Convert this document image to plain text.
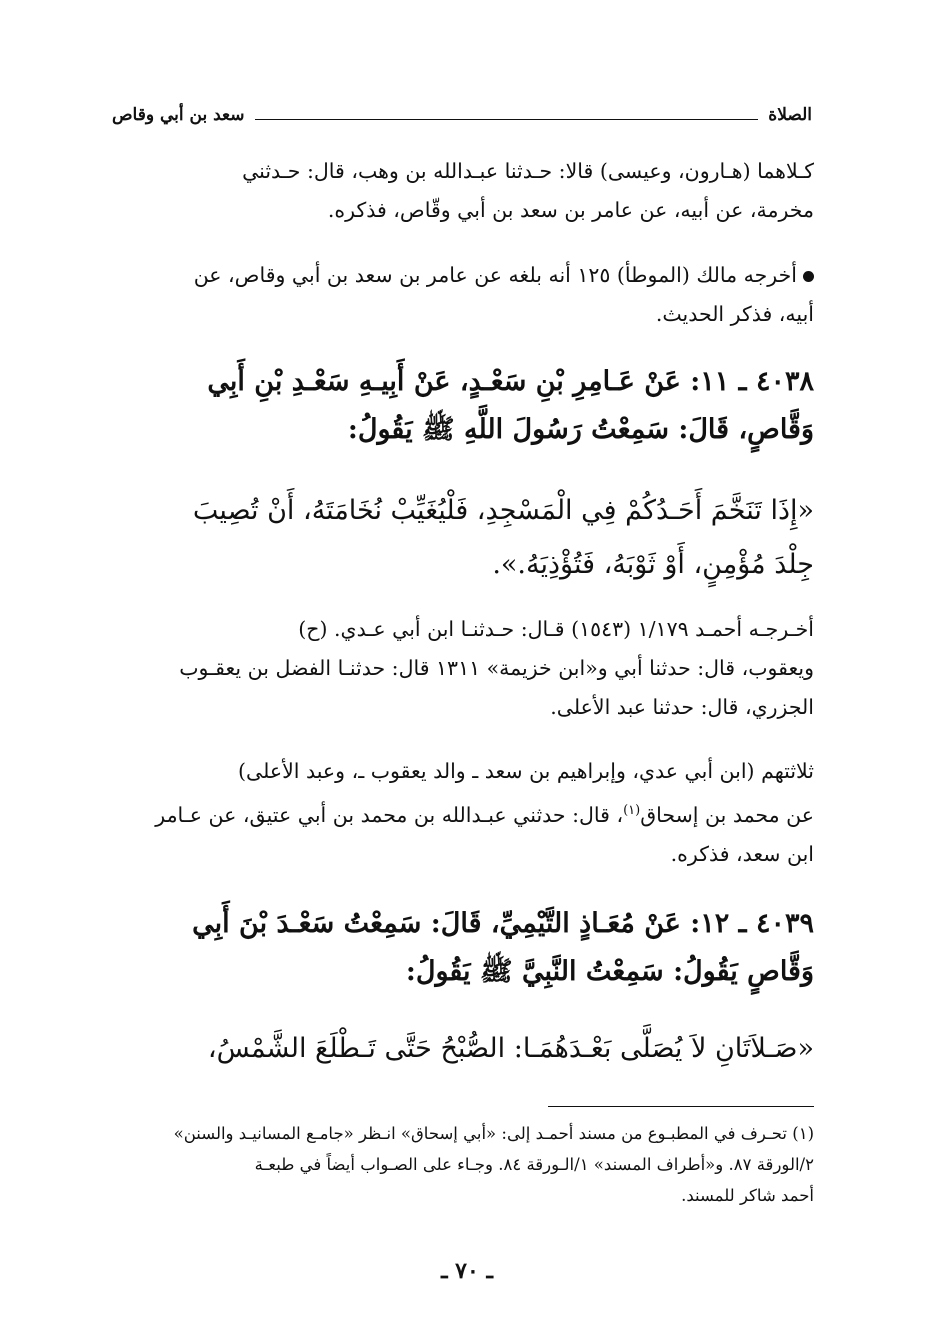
الصلاة
سعد بن أبي وقاص
كـلاهما (هـارون، وعيسى) قالا: حـدثنا عبـدالله بن وهب، قال: حـدثني
مخرمة، عن أبيه، عن عامر بن سعد بن أبي وقّاص، فذكره.
أخرجه مالك (الموطأ) ١٢٥ أنه بلغه عن عامر بن سعد بن أبي وقاص، عن
أبيه، فذكر الحديث.
٤٠٣٨ ـ ١١: عَنْ عَـامِرِ بْنِ سَعْـدٍ، عَنْ أَبِيـهِ سَعْـدِ بْنِ أَبِي
وَقَّاصٍ، قَالَ: سَمِعْتُ رَسُولَ اللَّهِ ﷺ يَقُولُ:
«إِذَا تَنَخَّمَ أَحَـدُكُمْ فِي الْمَسْجِدِ، فَلْيُغَيِّبْ نُخَامَتَهُ، أَنْ تُصِيبَ
جِلْدَ مُؤْمِنٍ، أَوْ ثَوْبَهُ، فَتُؤْذِيَهُ.».
أخـرجـه أحمـد ١/١٧٩ (١٥٤٣) قـال: حـدثنـا ابن أبي عـدي. (ح)
ويعقوب، قال: حدثنا أبي و«ابن خزيمة» ١٣١١ قال: حدثنـا الفضل بن يعقـوب
الجزري، قال: حدثنا عبد الأعلى.
ثلاثتهم (ابن أبي عدي، وإبراهيم بن سعد ـ والد يعقوب ـ، وعبد الأعلى)
عن محمد بن إسحاق$^{(١)}$، قال: حدثني عبـدالله بن محمد بن أبي عتيق، عن عـامر
ابن سعد، فذكره.
٤٠٣٩ ـ ١٢: عَنْ مُعَـاذٍ التَّيْمِيِّ، قَالَ: سَمِعْتُ سَعْـدَ بْنَ أَبِي
وَقَّاصٍ يَقُولُ: سَمِعْتُ النَّبِيَّ ﷺ يَقُولُ:
«صَـلاَتَانِ لاَ يُصَلَّى بَعْـدَهُمَـا: الصُّبْحُ حَتَّى تَـطْلَعَ الشَّمْسُ،
(١) تحـرف في المطبـوع من مسند أحمـد إلى: «أبي إسحاق» انـظر «جامـع المسانيـد والسنن»
٢/الورقة ٨٧. و«أطراف المسند» ١/الـورقة ٨٤. وجـاء على الصـواب أيضاً في طبعـة
أحمد شاكر للمسند.
ـ ٧٠ ـ
